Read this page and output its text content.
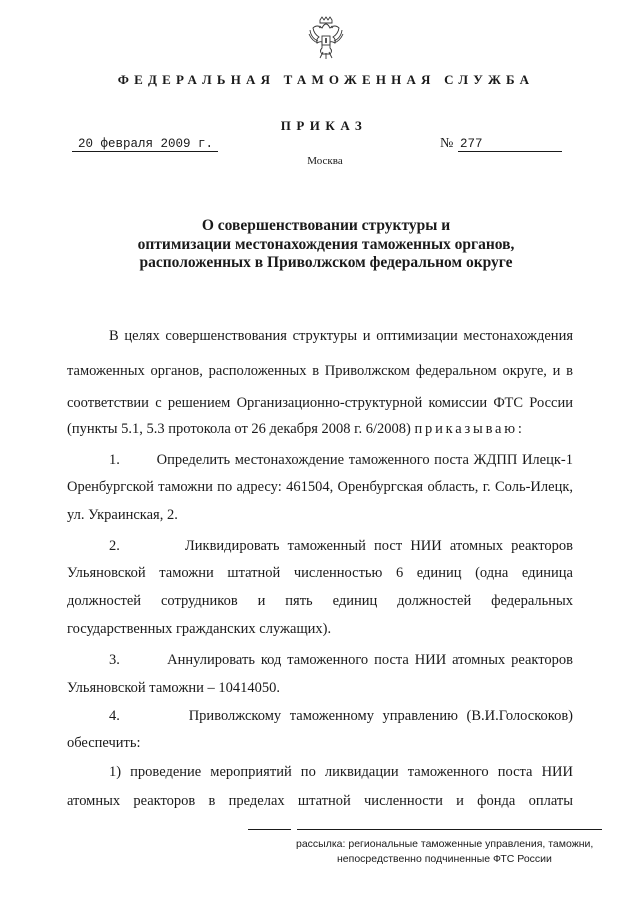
ФЕДЕРАЛЬНАЯ ТАМОЖЕННАЯ СЛУЖБА
ПРИКАЗ
20 февраля 2009 г.	№ 277
Москва
О совершенствовании структуры и
оптимизации местонахождения таможенных органов,
расположенных в Приволжском федеральном округе
В целях совершенствования структуры и оптимизации местонахождения
таможенных органов, расположенных в Приволжском федеральном округе, и в
соответствии с решением Организационно-структурной комиссии ФТС России
(пункты 5.1, 5.3 протокола от 26 декабря 2008 г. 6/2008) приказываю:
1.        Определить местонахождение таможенного поста ЖДПП Илецк-1
Оренбургской таможни по адресу: 461504, Оренбургская область, г. Соль-Илецк,
ул. Украинская, 2.
2.        Ликвидировать таможенный пост НИИ атомных реакторов
Ульяновской таможни штатной численностью 6 единиц (одна единица
должностей сотрудников и пять единиц должностей федеральных
государственных гражданских служащих).
3.        Аннулировать код таможенного поста НИИ атомных реакторов
Ульяновской таможни – 10414050.
4.        Приволжскому таможенному управлению (В.И.Голоскоков)
обеспечить:
1) проведение мероприятий по ликвидации таможенного поста НИИ
атомных реакторов в пределах штатной численности и фонда оплаты
рассылка: региональные таможенные управления, таможни,
непосредственно подчиненные ФТС России
